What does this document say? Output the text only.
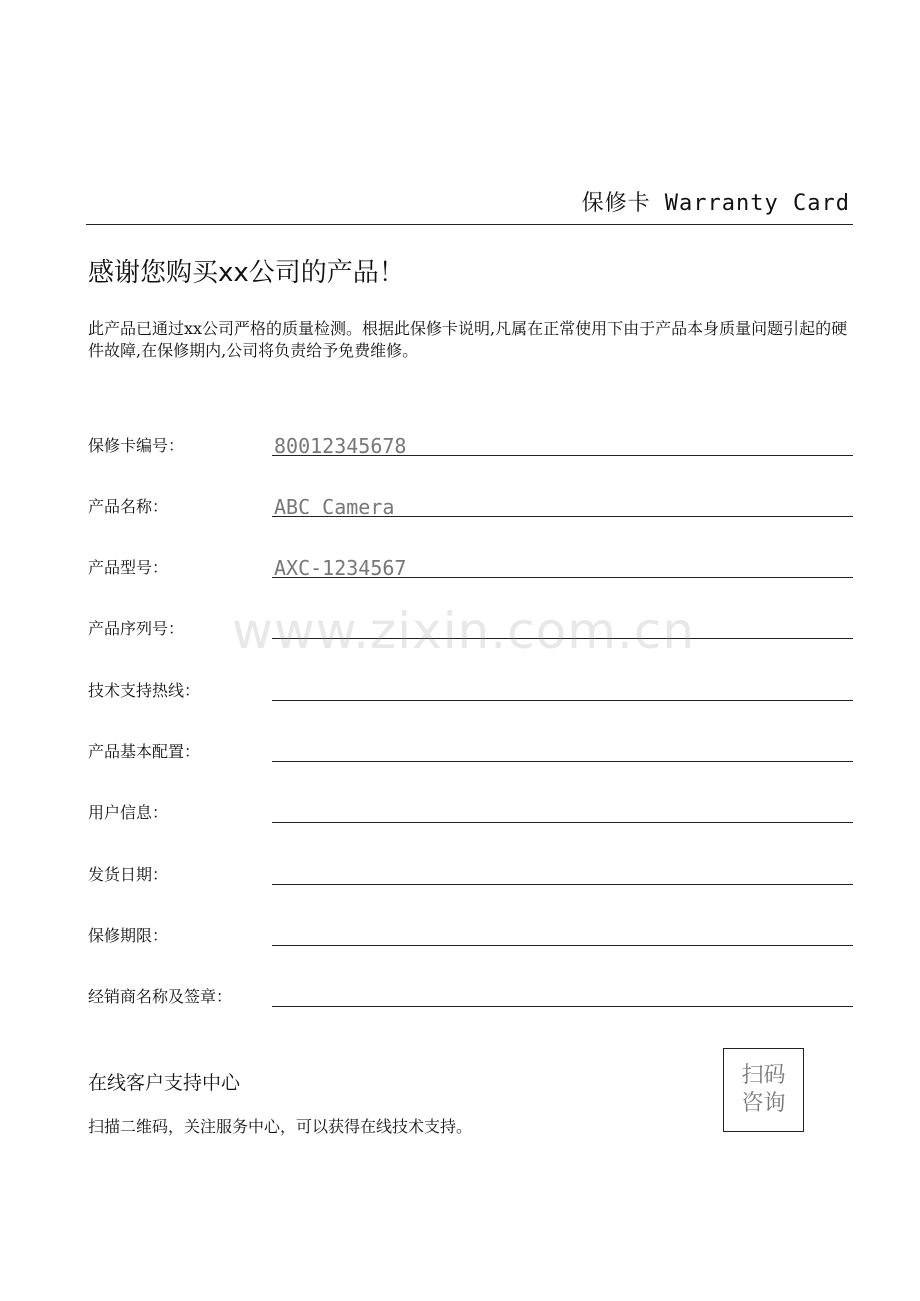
保修卡 Warranty Card
感谢您购买xx公司的产品！
此产品已通过xx公司严格的质量检测。根据此保修卡说明,凡属在正常使用下由于产品本身质量问题引起的硬件故障,在保修期内,公司将负责给予免费维修。
保修卡编号：	80012345678
产品名称：	ABC Camera
产品型号：	AXC-1234567
产品序列号：
技术支持热线：
产品基本配置：
用户信息：
发货日期：
保修期限：
经销商名称及签章：
www.zixin.com.cn
在线客户支持中心
扫描二维码，关注服务中心，可以获得在线技术支持。
扫码
咨询
